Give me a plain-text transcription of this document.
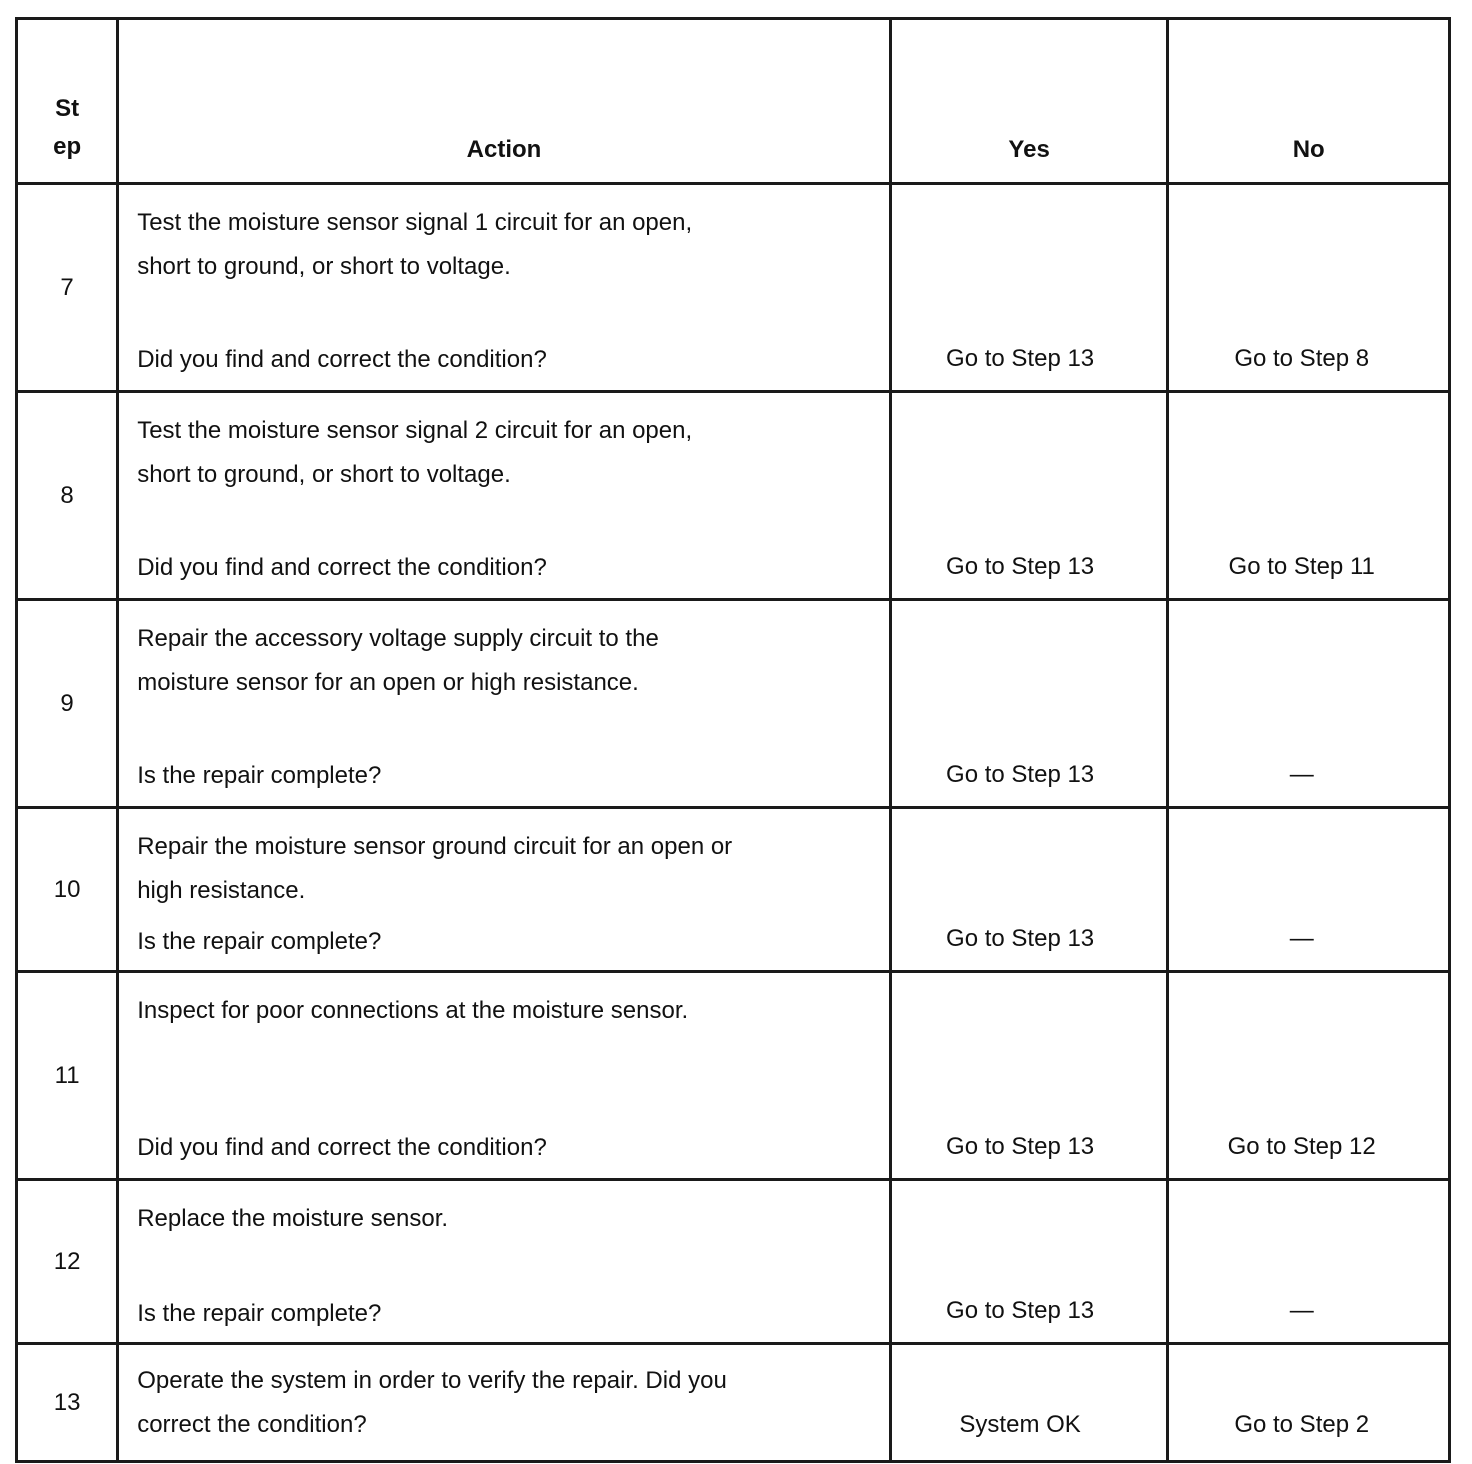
St
ep	Action	Yes	No
7	Test the moisture sensor signal 1 circuit for an open,
short to ground, or short to voltage.
Did you find and correct the condition?	Go to Step 13	Go to Step 8

8	Test the moisture sensor signal 2 circuit for an open,
short to ground, or short to voltage.
Did you find and correct the condition?	Go to Step 13	Go to Step 11

9	Repair the accessory voltage supply circuit to the
moisture sensor for an open or high resistance.
Is the repair complete?	Go to Step 13	—

10	Repair the moisture sensor ground circuit for an open or
high resistance.
Is the repair complete?	Go to Step 13	—

11	Inspect for poor connections at the moisture sensor.
Did you find and correct the condition?	Go to Step 13	Go to Step 12

12	Replace the moisture sensor.
Is the repair complete?	Go to Step 13	—

13	Operate the system in order to verify the repair. Did you
correct the condition?	System OK	Go to Step 2
